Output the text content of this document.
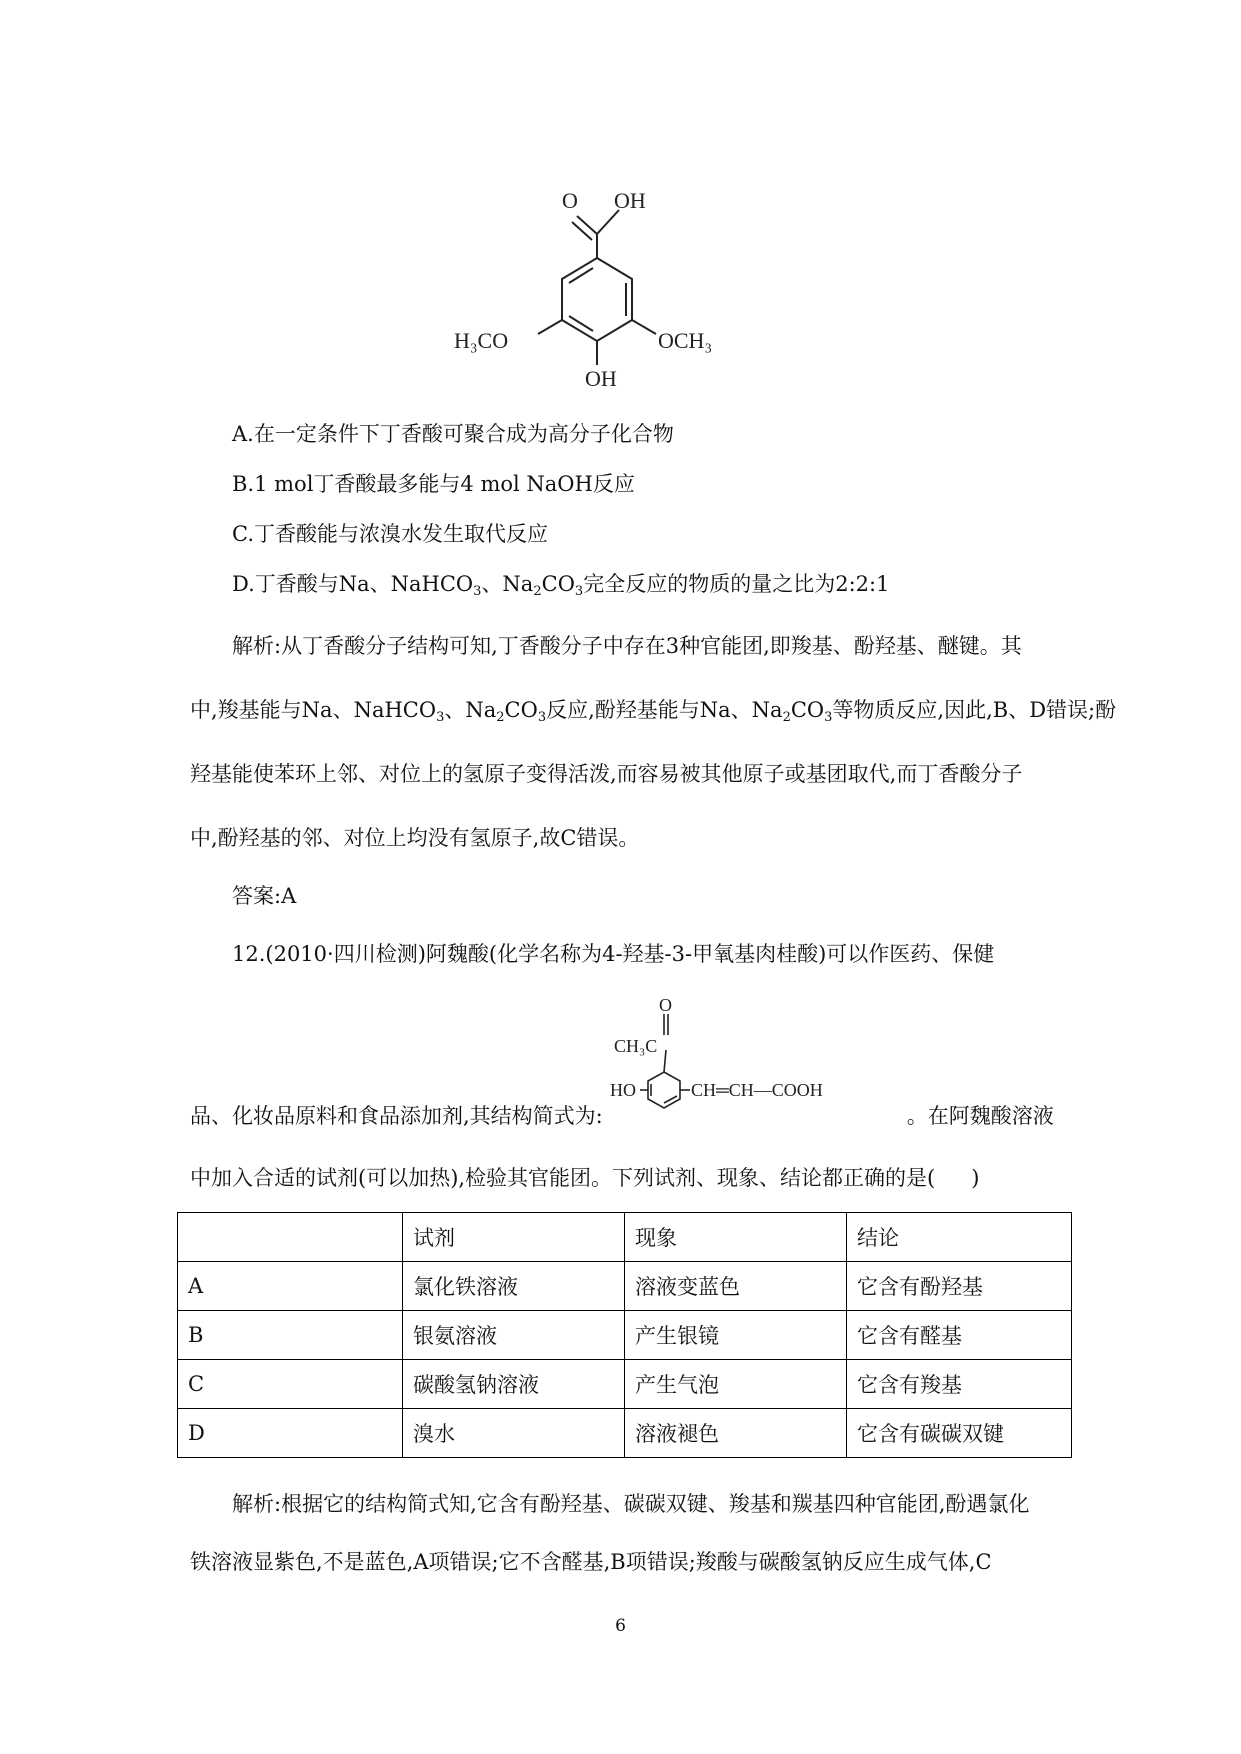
O OH
H₃CO	OCH₃
OH
A.在一定条件下丁香酸可聚合成为高分子化合物
B.1 mol丁香酸最多能与4 mol NaOH反应
C.丁香酸能与浓溴水发生取代反应
D.丁香酸与Na、NaHCO$_3$、$Na_2CO_3$完全反应的物质的量之比为2:2:1
解析:从丁香酸分子结构可知,丁香酸分子中存在3种官能团,即羧基、酚羟基、醚键。其
中,羧基能与Na、NaHCO$_3$、$Na_2CO_3$反应,酚羟基能与Na、$Na_2CO_3$等物质反应,因此,B、D错误;酚
羟基能使苯环上邻、对位上的氢原子变得活泼,而容易被其他原子或基团取代,而丁香酸分子
中,酚羟基的邻、对位上均没有氢原子,故C错误。
答案:A
12.(2010·四川检测)阿魏酸(化学名称为4-羟基-3-甲氧基肉桂酸)可以作医药、保健
O
CH₃C
HO	CH═CH—COOH
品、化妆品原料和食品添加剂,其结构简式为:	。在阿魏酸溶液
中加入合适的试剂(可以加热),检验其官能团。下列试剂、现象、结论都正确的是( )
	试剂	现象	结论
A	氯化铁溶液	溶液变蓝色	它含有酚羟基
B	银氨溶液	产生银镜	它含有醛基
C	碳酸氢钠溶液	产生气泡	它含有羧基
D	溴水	溶液褪色	它含有碳碳双键
解析:根据它的结构简式知,它含有酚羟基、碳碳双键、羧基和羰基四种官能团,酚遇氯化
铁溶液显紫色,不是蓝色,A项错误;它不含醛基,B项错误;羧酸与碳酸氢钠反应生成气体,C
6
